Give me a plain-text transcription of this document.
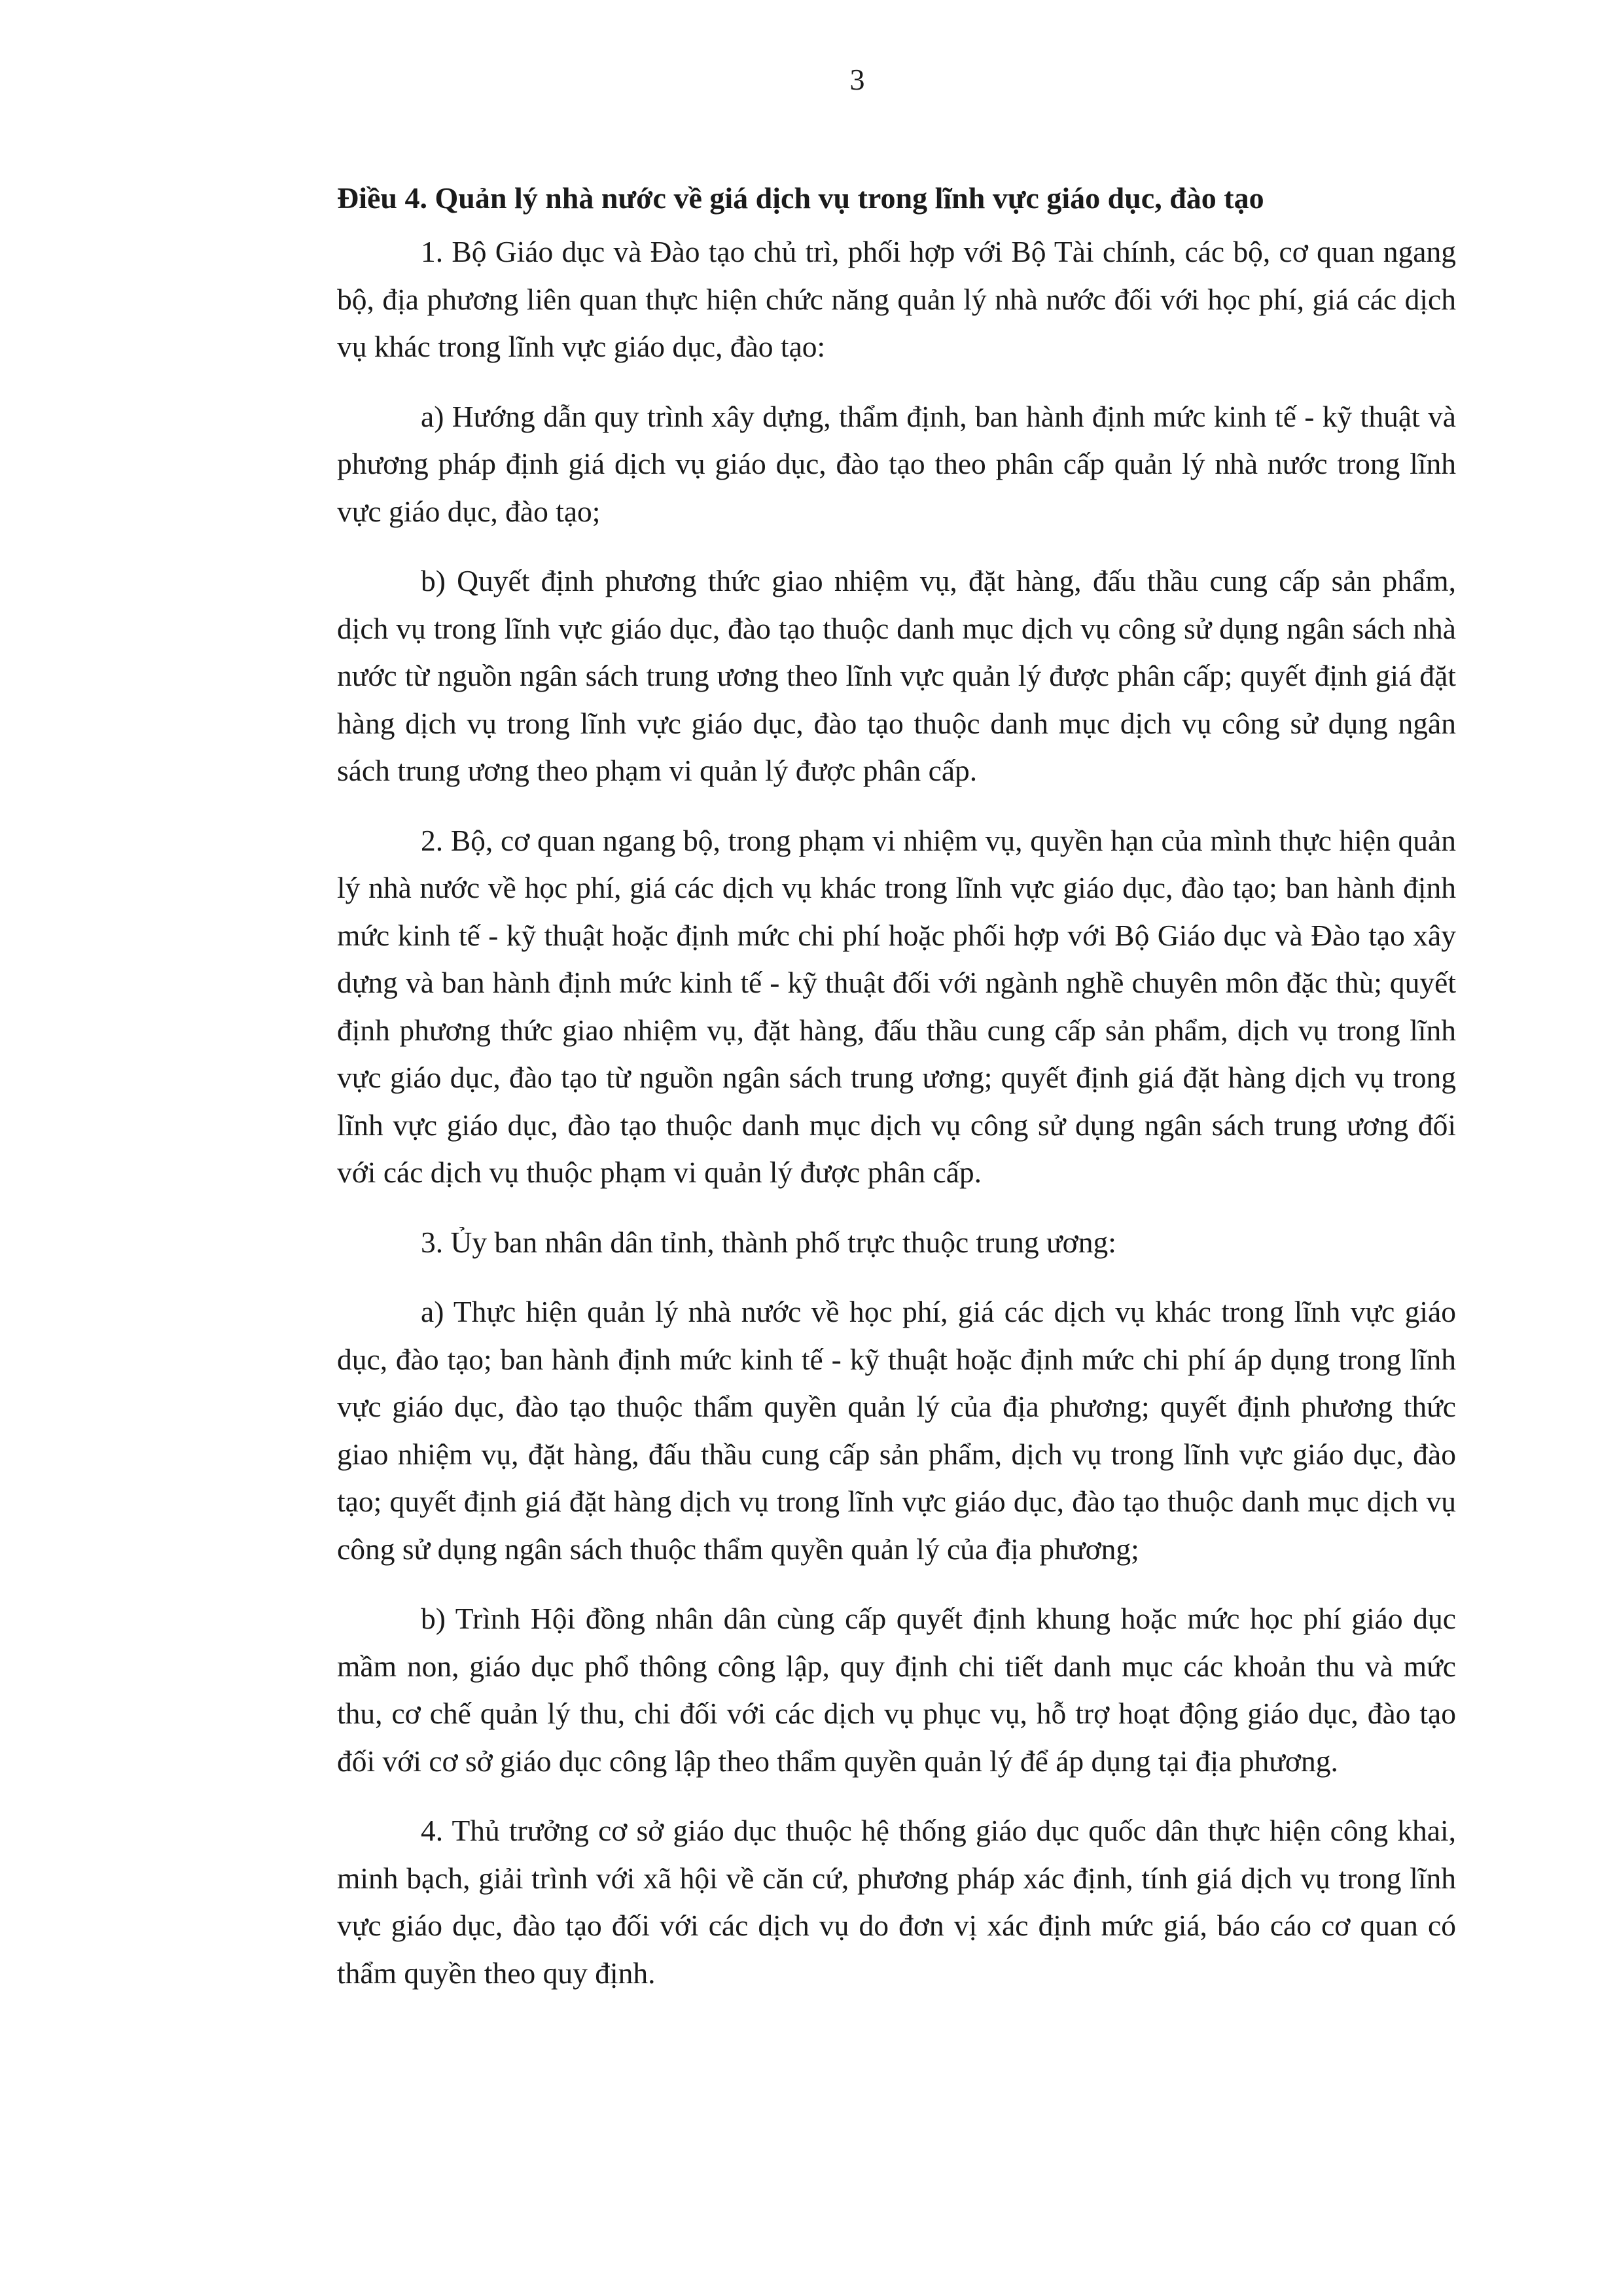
3

Điều 4. Quản lý nhà nước về giá dịch vụ trong lĩnh vực giáo dục, đào tạo

1. Bộ Giáo dục và Đào tạo chủ trì, phối hợp với Bộ Tài chính, các bộ, cơ quan ngang bộ, địa phương liên quan thực hiện chức năng quản lý nhà nước đối với học phí, giá các dịch vụ khác trong lĩnh vực giáo dục, đào tạo:

a) Hướng dẫn quy trình xây dựng, thẩm định, ban hành định mức kinh tế - kỹ thuật và phương pháp định giá dịch vụ giáo dục, đào tạo theo phân cấp quản lý nhà nước trong lĩnh vực giáo dục, đào tạo;

b) Quyết định phương thức giao nhiệm vụ, đặt hàng, đấu thầu cung cấp sản phẩm, dịch vụ trong lĩnh vực giáo dục, đào tạo thuộc danh mục dịch vụ công sử dụng ngân sách nhà nước từ nguồn ngân sách trung ương theo lĩnh vực quản lý được phân cấp; quyết định giá đặt hàng dịch vụ trong lĩnh vực giáo dục, đào tạo thuộc danh mục dịch vụ công sử dụng ngân sách trung ương theo phạm vi quản lý được phân cấp.

2. Bộ, cơ quan ngang bộ, trong phạm vi nhiệm vụ, quyền hạn của mình thực hiện quản lý nhà nước về học phí, giá các dịch vụ khác trong lĩnh vực giáo dục, đào tạo; ban hành định mức kinh tế - kỹ thuật hoặc định mức chi phí hoặc phối hợp với Bộ Giáo dục và Đào tạo xây dựng và ban hành định mức kinh tế - kỹ thuật đối với ngành nghề chuyên môn đặc thù; quyết định phương thức giao nhiệm vụ, đặt hàng, đấu thầu cung cấp sản phẩm, dịch vụ trong lĩnh vực giáo dục, đào tạo từ nguồn ngân sách trung ương; quyết định giá đặt hàng dịch vụ trong lĩnh vực giáo dục, đào tạo thuộc danh mục dịch vụ công sử dụng ngân sách trung ương đối với các dịch vụ thuộc phạm vi quản lý được phân cấp.

3. Ủy ban nhân dân tỉnh, thành phố trực thuộc trung ương:

a) Thực hiện quản lý nhà nước về học phí, giá các dịch vụ khác trong lĩnh vực giáo dục, đào tạo; ban hành định mức kinh tế - kỹ thuật hoặc định mức chi phí áp dụng trong lĩnh vực giáo dục, đào tạo thuộc thẩm quyền quản lý của địa phương; quyết định phương thức giao nhiệm vụ, đặt hàng, đấu thầu cung cấp sản phẩm, dịch vụ trong lĩnh vực giáo dục, đào tạo; quyết định giá đặt hàng dịch vụ trong lĩnh vực giáo dục, đào tạo thuộc danh mục dịch vụ công sử dụng ngân sách thuộc thẩm quyền quản lý của địa phương;

b) Trình Hội đồng nhân dân cùng cấp quyết định khung hoặc mức học phí giáo dục mầm non, giáo dục phổ thông công lập, quy định chi tiết danh mục các khoản thu và mức thu, cơ chế quản lý thu, chi đối với các dịch vụ phục vụ, hỗ trợ hoạt động giáo dục, đào tạo đối với cơ sở giáo dục công lập theo thẩm quyền quản lý để áp dụng tại địa phương.

4. Thủ trưởng cơ sở giáo dục thuộc hệ thống giáo dục quốc dân thực hiện công khai, minh bạch, giải trình với xã hội về căn cứ, phương pháp xác định, tính giá dịch vụ trong lĩnh vực giáo dục, đào tạo đối với các dịch vụ do đơn vị xác định mức giá, báo cáo cơ quan có thẩm quyền theo quy định.
